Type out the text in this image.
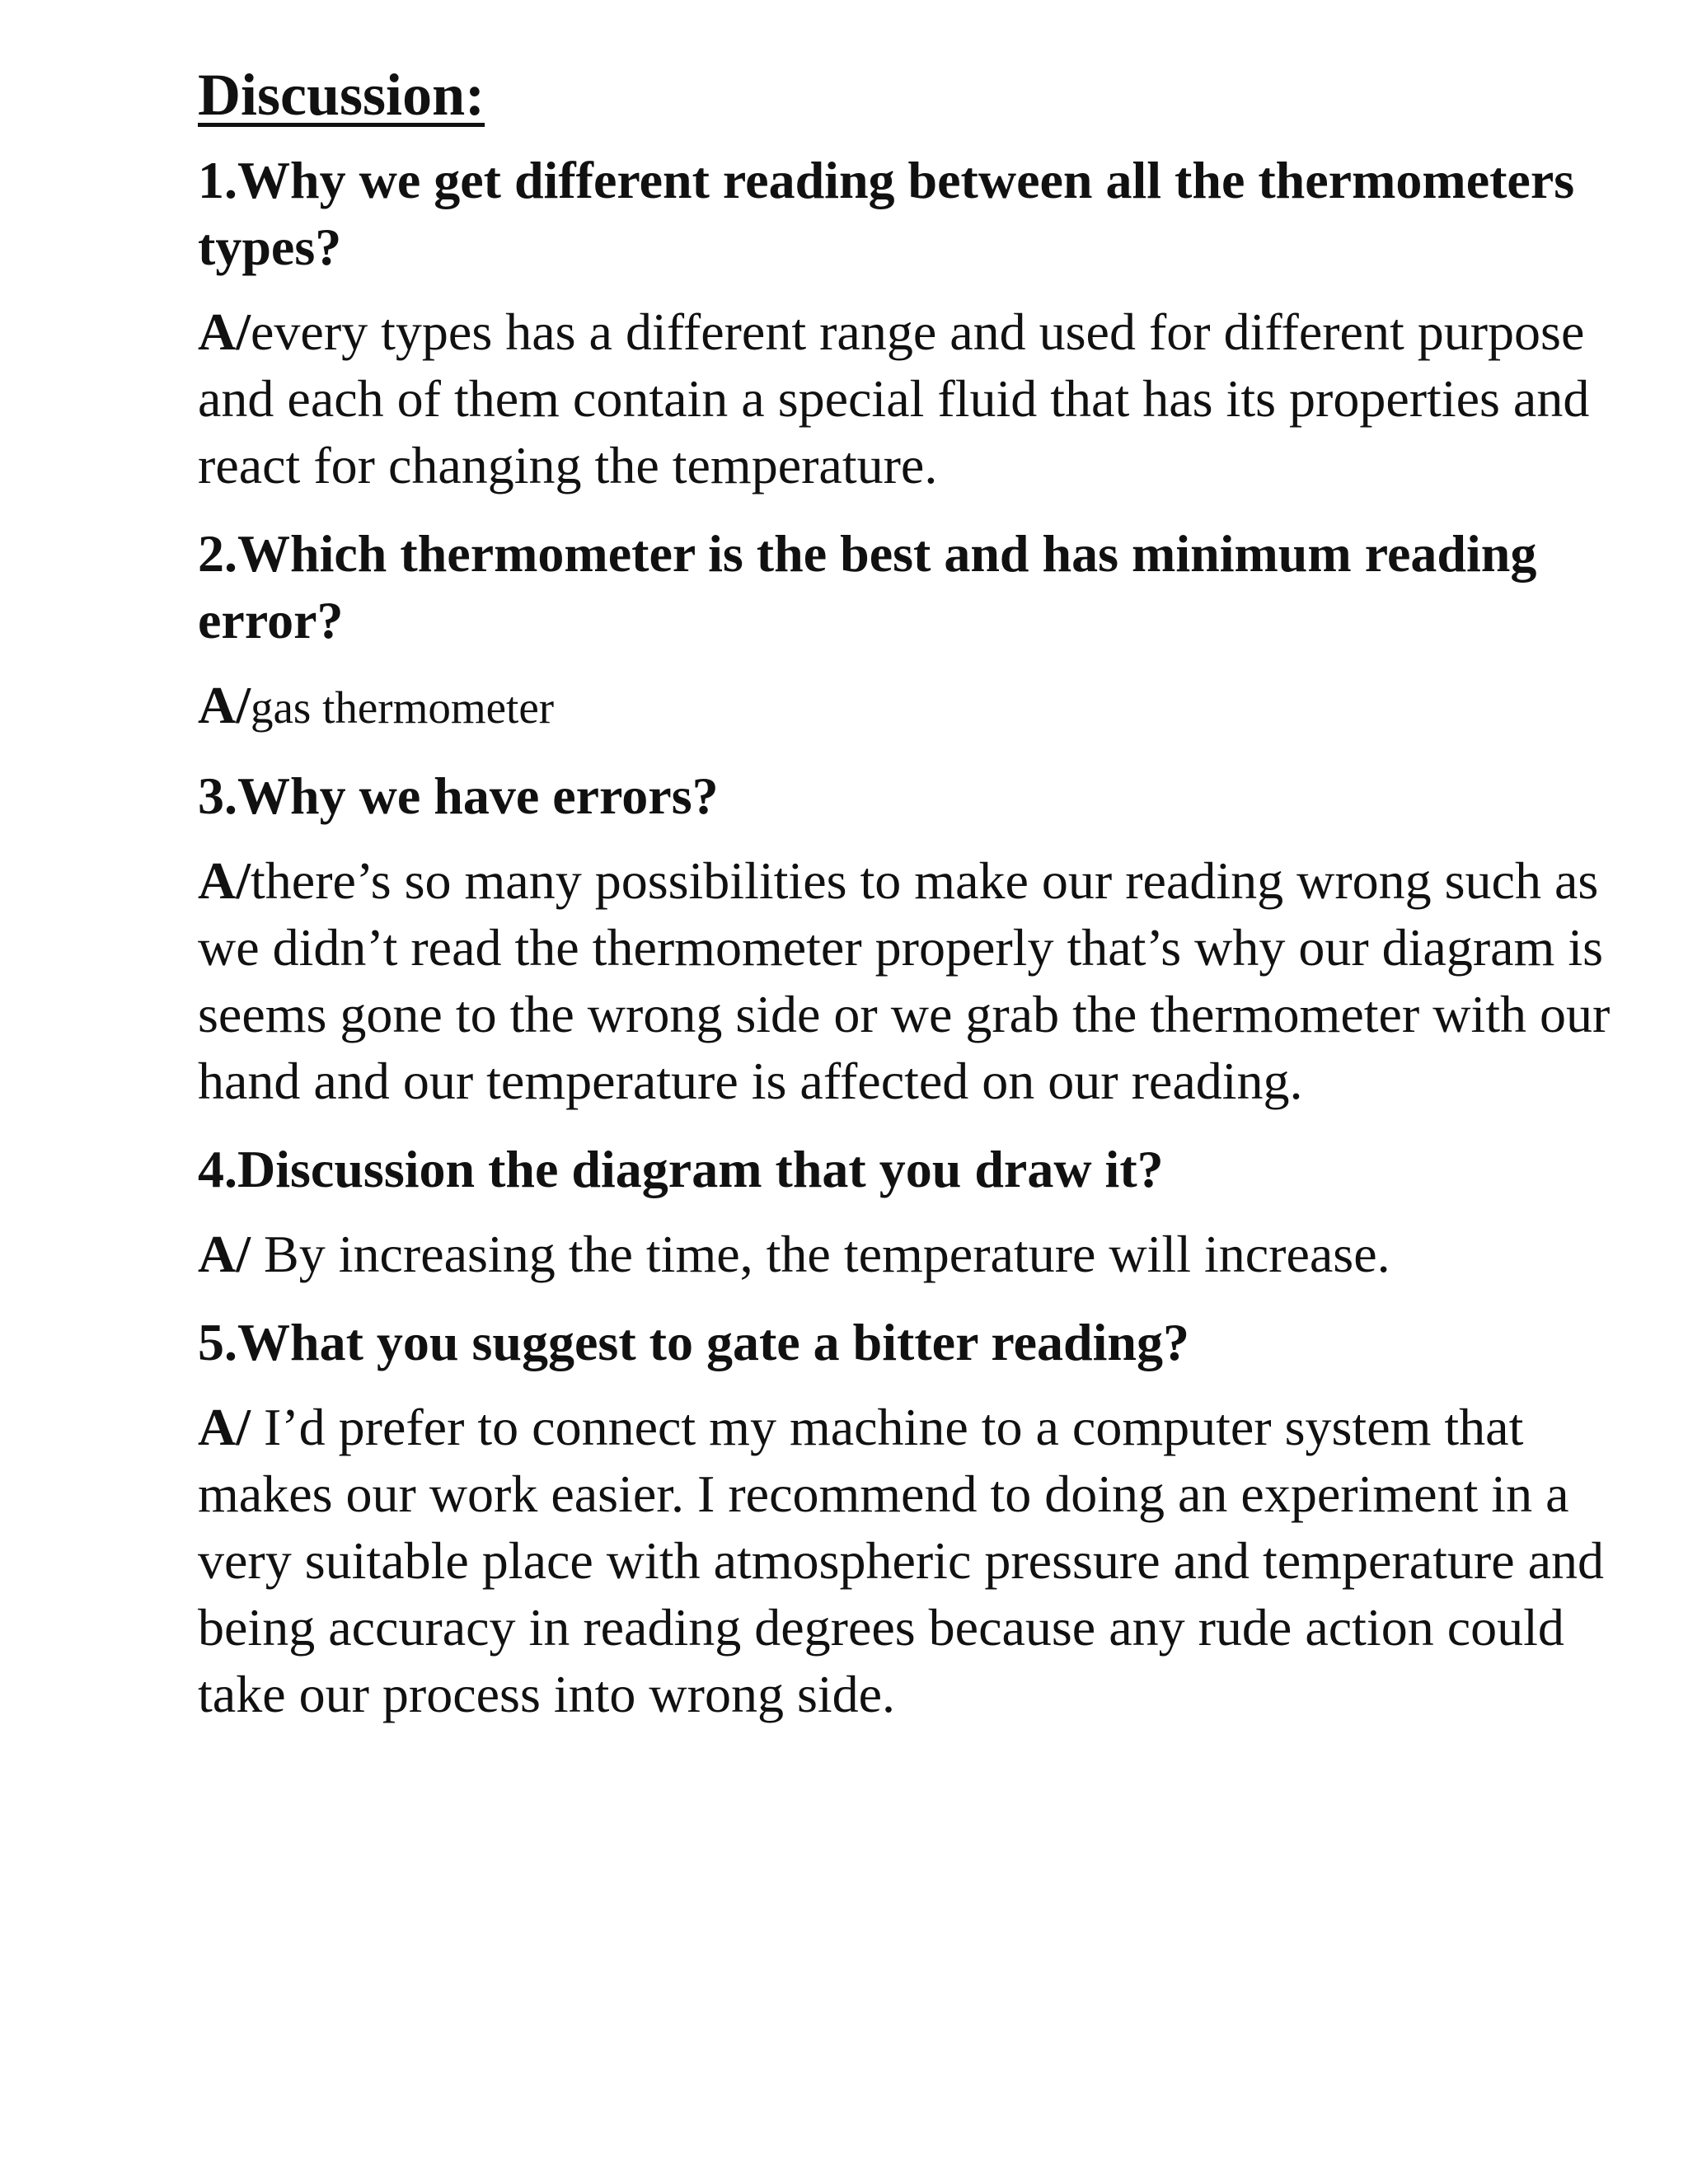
Discussion:
1.Why we get different reading between all the thermometers types?
A/every types has a different range and used for different purpose and each of them contain a special fluid that has its properties and react for changing the temperature.
2.Which thermometer is the best and has minimum reading error?
A/gas thermometer
3.Why we have errors?
A/there’s so many possibilities to make our reading wrong such as we didn’t read the thermometer properly that’s why our diagram is seems gone to the wrong side or we grab the thermometer with our hand and our temperature is affected on our reading.
4.Discussion the diagram that you draw it?
A/ By increasing the time, the temperature will increase.
5.What you suggest to gate a bitter reading?
A/ I’d prefer to connect my machine to a computer system that makes our work easier. I recommend to doing an experiment in a very suitable place with atmospheric pressure and temperature and being accuracy in reading degrees because any rude action could take our process into wrong side.
